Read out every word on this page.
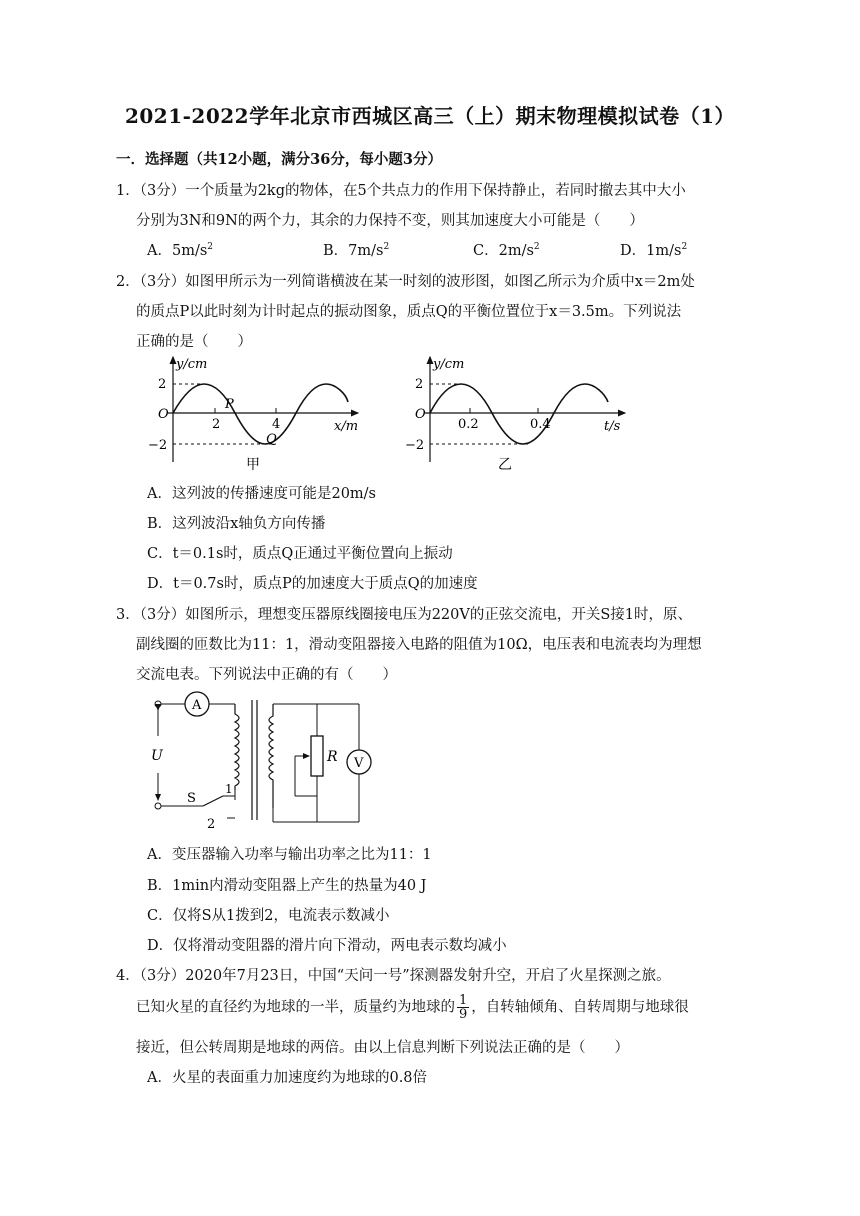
2021-2022学年北京市西城区高三（上）期末物理模拟试卷（1）
一．选择题（共12小题，满分36分，每小题3分）
1．（3分）一个质量为2kg的物体，在5个共点力的作用下保持静止，若同时撤去其中大小
分别为3N和9N的两个力，其余的力保持不变，则其加速度大小可能是（　　）
A．$5m/s^2$	B．$7m/s^2$	C．$2m/s^2$	D．$1m/s^2$
2．（3分）如图甲所示为一列简谐横波在某一时刻的波形图，如图乙所示为介质中x＝2m处
的质点P以此时刻为计时起点的振动图象，质点Q的平衡位置位于x＝3.5m。下列说法
正确的是（　　）
y/cm
2
−2
O
2	4
P
Q
x/m
甲
y/cm
2
−2
O
0.2	0.4	t/s
乙
A．这列波的传播速度可能是20m/s
B．这列波沿x轴负方向传播
C．t＝0.1s时，质点Q正通过平衡位置向上振动
D．t＝0.7s时，质点P的加速度大于质点Q的加速度
3．（3分）如图所示，理想变压器原线圈接电压为220V的正弦交流电，开关S接1时，原、
副线圈的匝数比为11：1，滑动变阻器接入电路的阻值为10Ω，电压表和电流表均为理想
交流电表。下列说法中正确的有（　　）
A
V
U
S
1
2
R
A．变压器输入功率与输出功率之比为11：1
B．1min内滑动变阻器上产生的热量为40 J
C．仅将S从1拨到2，电流表示数减小
D．仅将滑动变阻器的滑片向下滑动，两电表示数均减小
4．（3分）2020年7月23日，中国“天问一号”探测器发射升空，开启了火星探测之旅。
已知火星的直径约为地球的一半，质量约为地球的 $\frac{1}{9}$ ，自转轴倾角、自转周期与地球很
接近，但公转周期是地球的两倍。由以上信息判断下列说法正确的是（　　）
A．火星的表面重力加速度约为地球的0.8倍
